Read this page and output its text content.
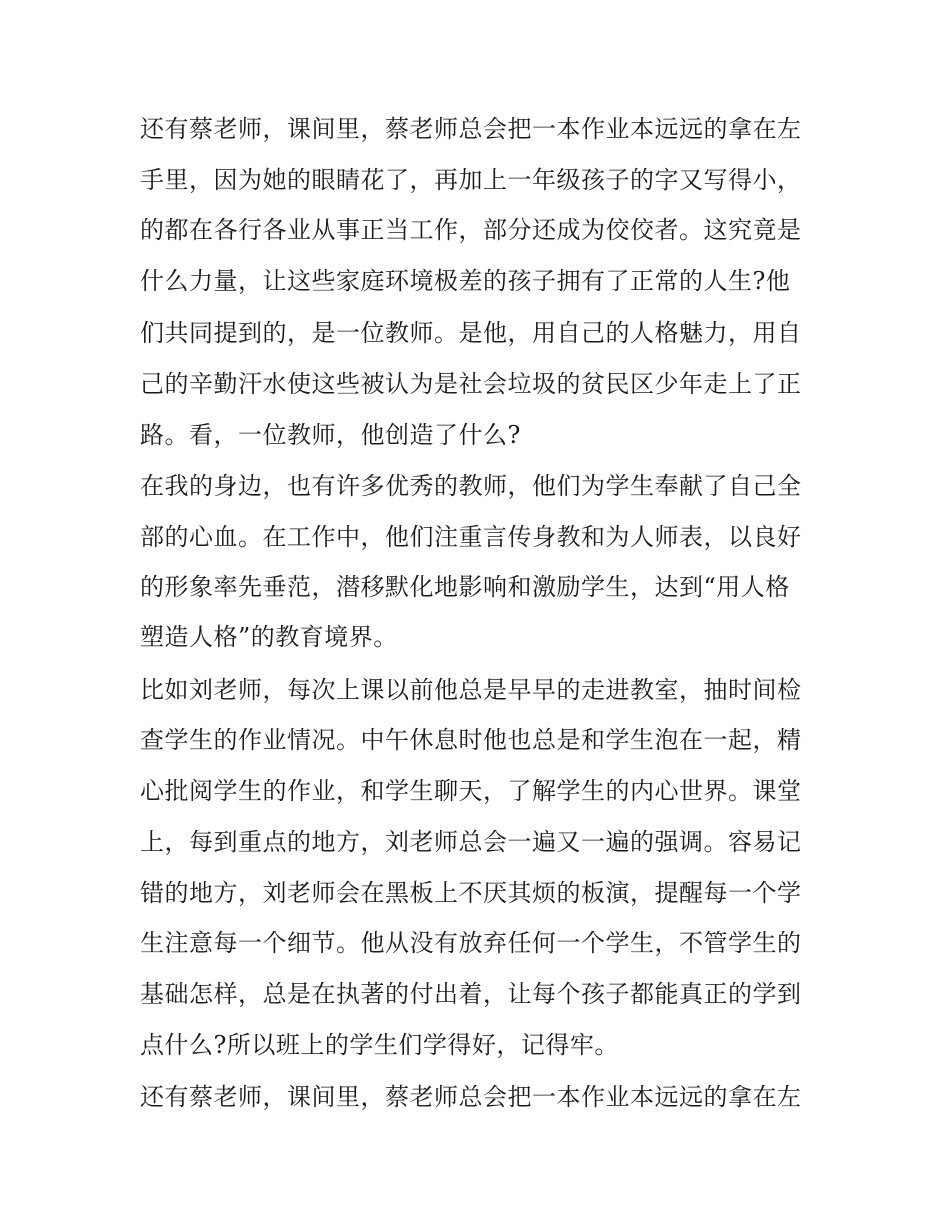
还有蔡老师，课间里，蔡老师总会把一本作业本远远的拿在左

手里，因为她的眼睛花了，再加上一年级孩子的字又写得小，

的都在各行各业从事正当工作，部分还成为佼佼者。这究竟是

什么力量，让这些家庭环境极差的孩子拥有了正常的人生?他

们共同提到的，是一位教师。是他，用自己的人格魅力，用自

己的辛勤汗水使这些被认为是社会垃圾的贫民区少年走上了正

路。看，一位教师，他创造了什么?

在我的身边，也有许多优秀的教师，他们为学生奉献了自己全

部的心血。在工作中，他们注重言传身教和为人师表，以良好

的形象率先垂范，潜移默化地影响和激励学生，达到“用人格

塑造人格”的教育境界。

比如刘老师，每次上课以前他总是早早的走进教室，抽时间检

查学生的作业情况。中午休息时他也总是和学生泡在一起，精

心批阅学生的作业，和学生聊天，了解学生的内心世界。课堂

上，每到重点的地方，刘老师总会一遍又一遍的强调。容易记

错的地方，刘老师会在黑板上不厌其烦的板演，提醒每一个学

生注意每一个细节。他从没有放弃任何一个学生，不管学生的

基础怎样，总是在执著的付出着，让每个孩子都能真正的学到

点什么?所以班上的学生们学得好，记得牢。

还有蔡老师，课间里，蔡老师总会把一本作业本远远的拿在左
